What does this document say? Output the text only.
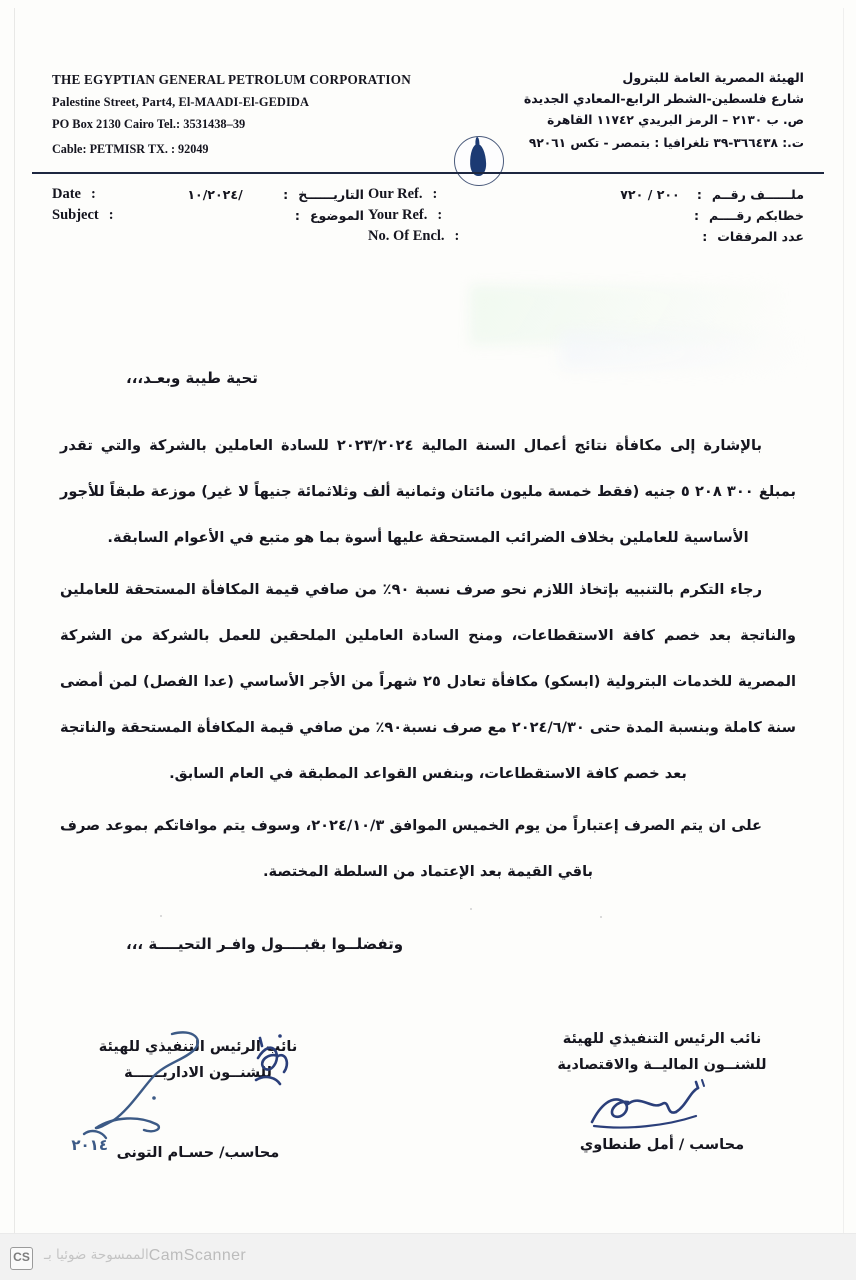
THE EGYPTIAN GENERAL PETROLUM CORPORATION
Palestine Street, Part4, El-MAADI-El-GEDIDA
PO Box 2130 Cairo Tel.: 3531438–39
Cable: PETMISR TX. : 92049
الهيئة المصرية العامة للبترول
شارع فلسطين-الشطر الرابع-المعادي الجديدة
ص. ب ٢١٣٠ – الرمز البريدي ١١٧٤٢ القاهرة
ت.: ٣٦٦٤٣٨-٣٩ تلغرافيا : بتمصر - تكس ٩٢٠٦١
Date :
Subject :
/١٠/٢٠٢٤	التاريــــــخ:
الموضوع:
Our Ref. :
Your Ref. :
No. Of Encl. :
٢٠٠ / ٧٢٠	ملــــــف رقــم:
خطابكم رقــــم:
عدد المرفقات:
تحية طيبة وبعـد،،،

بالإشارة إلى مكافأة نتائج أعمال السنة المالية ٢٠٢٣/٢٠٢٤ للسادة العاملين بالشركة والتي تقدر بمبلغ ٣٠٠ ٢٠٨ ٥ جنيه (فقط خمسة مليون مائتان وثمانية ألف وثلاثمائة جنيهاً لا غير) موزعة طبقاً للأجور الأساسية للعاملين بخلاف الضرائب المستحقة عليها أسوة بما هو متبع في الأعوام السابقة.

رجاء التكرم بالتنبيه بإتخاذ اللازم نحو صرف نسبة ٩٠٪ من صافي قيمة المكافأة المستحقة للعاملين والناتجة بعد خصم كافة الاستقطاعات، ومنح السادة العاملين الملحقين للعمل بالشركة من الشركة المصرية للخدمات البترولية (ابسكو) مكافأة تعادل ٢٥ شهراً من الأجر الأساسي (عدا الفصل) لمن أمضى سنة كاملة وبنسبة المدة حتى ٢٠٢٤/٦/٣٠ مع صرف نسبة٩٠٪ من صافي قيمة المكافأة المستحقة والناتجة بعد خصم كافة الاستقطاعات، وبنفس القواعد المطبقة في العام السابق.

على ان يتم الصرف إعتباراً من يوم الخميس الموافق ٢٠٢٤/١٠/٣، وسوف يتم موافاتكم بموعد صرف باقي القيمة بعد الإعتماد من السلطة المختصة.

وتفضلــوا بقبــــول وافـر التحيــــة ،،،
نائب الرئيس التنفيذي للهيئة
للشنــون الماليــة والاقتصادية
محاسب / أمل طنطاوي
نائب الرئيس التنفيذي للهيئة
للشنــون الاداريــــــة
٢٠١٤ محاسب/ حسـام التونى
CS الممسوحة ضوئيا بـCamScanner
